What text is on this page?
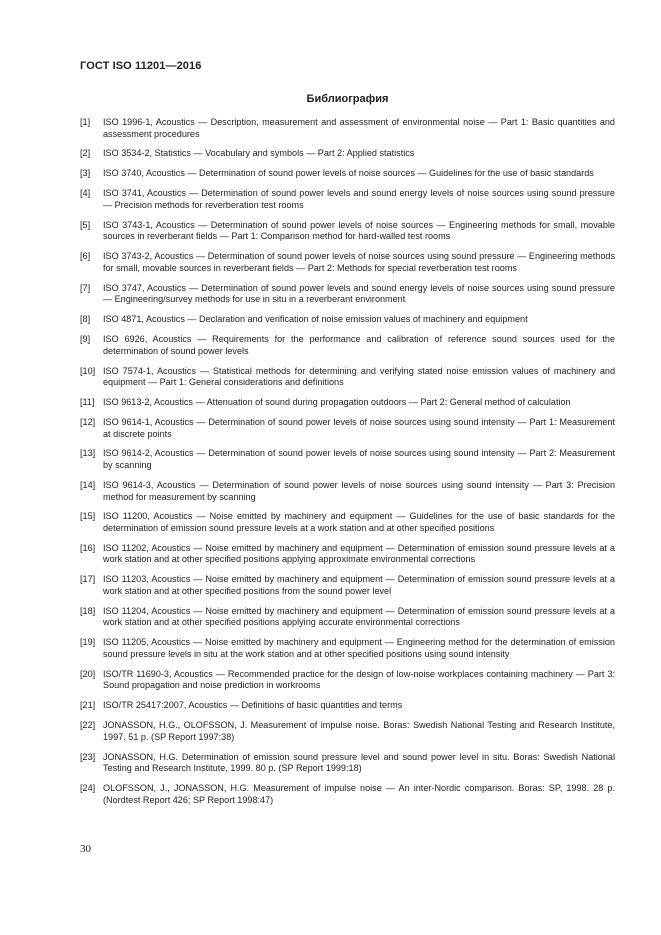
ГОСТ ISO 11201—2016
Библиография
[1]	ISO 1996-1, Acoustics — Description, measurement and assessment of environmental noise — Part 1: Basic quantities and assessment procedures
[2]	ISO 3534-2, Statistics — Vocabulary and symbols — Part 2: Applied statistics
[3]	ISO 3740, Acoustics — Determination of sound power levels of noise sources — Guidelines for the use of basic standards
[4]	ISO 3741, Acoustics — Determination of sound power levels and sound energy levels of noise sources using sound pressure — Precision methods for reverberation test rooms
[5]	ISO 3743-1, Acoustics — Determination of sound power levels of noise sources — Engineering methods for small, movable sources in reverberant fields — Part 1: Comparison method for hard-walled test rooms
[6]	ISO 3743-2, Acoustics — Determination of sound power levels of noise sources using sound pressure — Engineering methods for small, movable sources in reverberant fields — Part 2: Methods for special reverberation test rooms
[7]	ISO 3747, Acoustics — Determination of sound power levels and sound energy levels of noise sources using sound pressure — Engineering/survey methods for use in situ in a reverberant environment
[8]	ISO 4871, Acoustics — Declaration and verification of noise emission values of machinery and equipment
[9]	ISO 6926, Acoustics — Requirements for the performance and calibration of reference sound sources used for the determination of sound power levels
[10] ISO 7574-1, Acoustics — Statistical methods for determining and verifying stated noise emission values of machinery and equipment — Part 1: General considerations and definitions
[11] ISO 9613-2, Acoustics — Attenuation of sound during propagation outdoors — Part 2: General method of calculation
[12] ISO 9614-1, Acoustics — Determination of sound power levels of noise sources using sound intensity — Part 1: Measurement at discrete points
[13] ISO 9614-2, Acoustics — Determination of sound power levels of noise sources using sound intensity — Part 2: Measurement by scanning
[14] ISO 9614-3, Acoustics — Determination of sound power levels of noise sources using sound intensity — Part 3: Precision method for measurement by scanning
[15] ISO 11200, Acoustics — Noise emitted by machinery and equipment — Guidelines for the use of basic standards for the determination of emission sound pressure levels at a work station and at other specified positions
[16] ISO 11202, Acoustics — Noise emitted by machinery and equipment — Determination of emission sound pressure levels at a work station and at other specified positions applying approximate environmental corrections
[17] ISO 11203, Acoustics — Noise emitted by machinery and equipment — Determination of emission sound pressure levels at a work station and at other specified positions from the sound power level
[18] ISO 11204, Acoustics — Noise emitted by machinery and equipment — Determination of emission sound pressure levels at a work station and at other specified positions applying accurate environmental corrections
[19] ISO 11205, Acoustics — Noise emitted by machinery and equipment — Engineering method for the determination of emission sound pressure levels in situ at the work station and at other specified positions using sound intensity
[20] ISO/TR 11690-3, Acoustics — Recommended practice for the design of low-noise workplaces containing machinery — Part 3: Sound propagation and noise prediction in workrooms
[21] ISO/TR 25417:2007, Acoustics — Definitions of basic quantities and terms
[22] JONASSON, H.G., OLOFSSON, J. Measurement of impulse noise. Boras: Swedish National Testing and Research Institute, 1997. 51 p. (SP Report 1997:38)
[23] JONASSON, H.G. Determination of emission sound pressure level and sound power level in situ. Boras: Swedish National Testing and Research Institute, 1999. 80 p. (SP Report 1999:18)
[24] OLOFSSON, J., JONASSON, H.G. Measurement of impulse noise — An inter-Nordic comparison. Boras: SP, 1998. 28 p. (Nordtest Report 426; SP Report 1998:47)
30
